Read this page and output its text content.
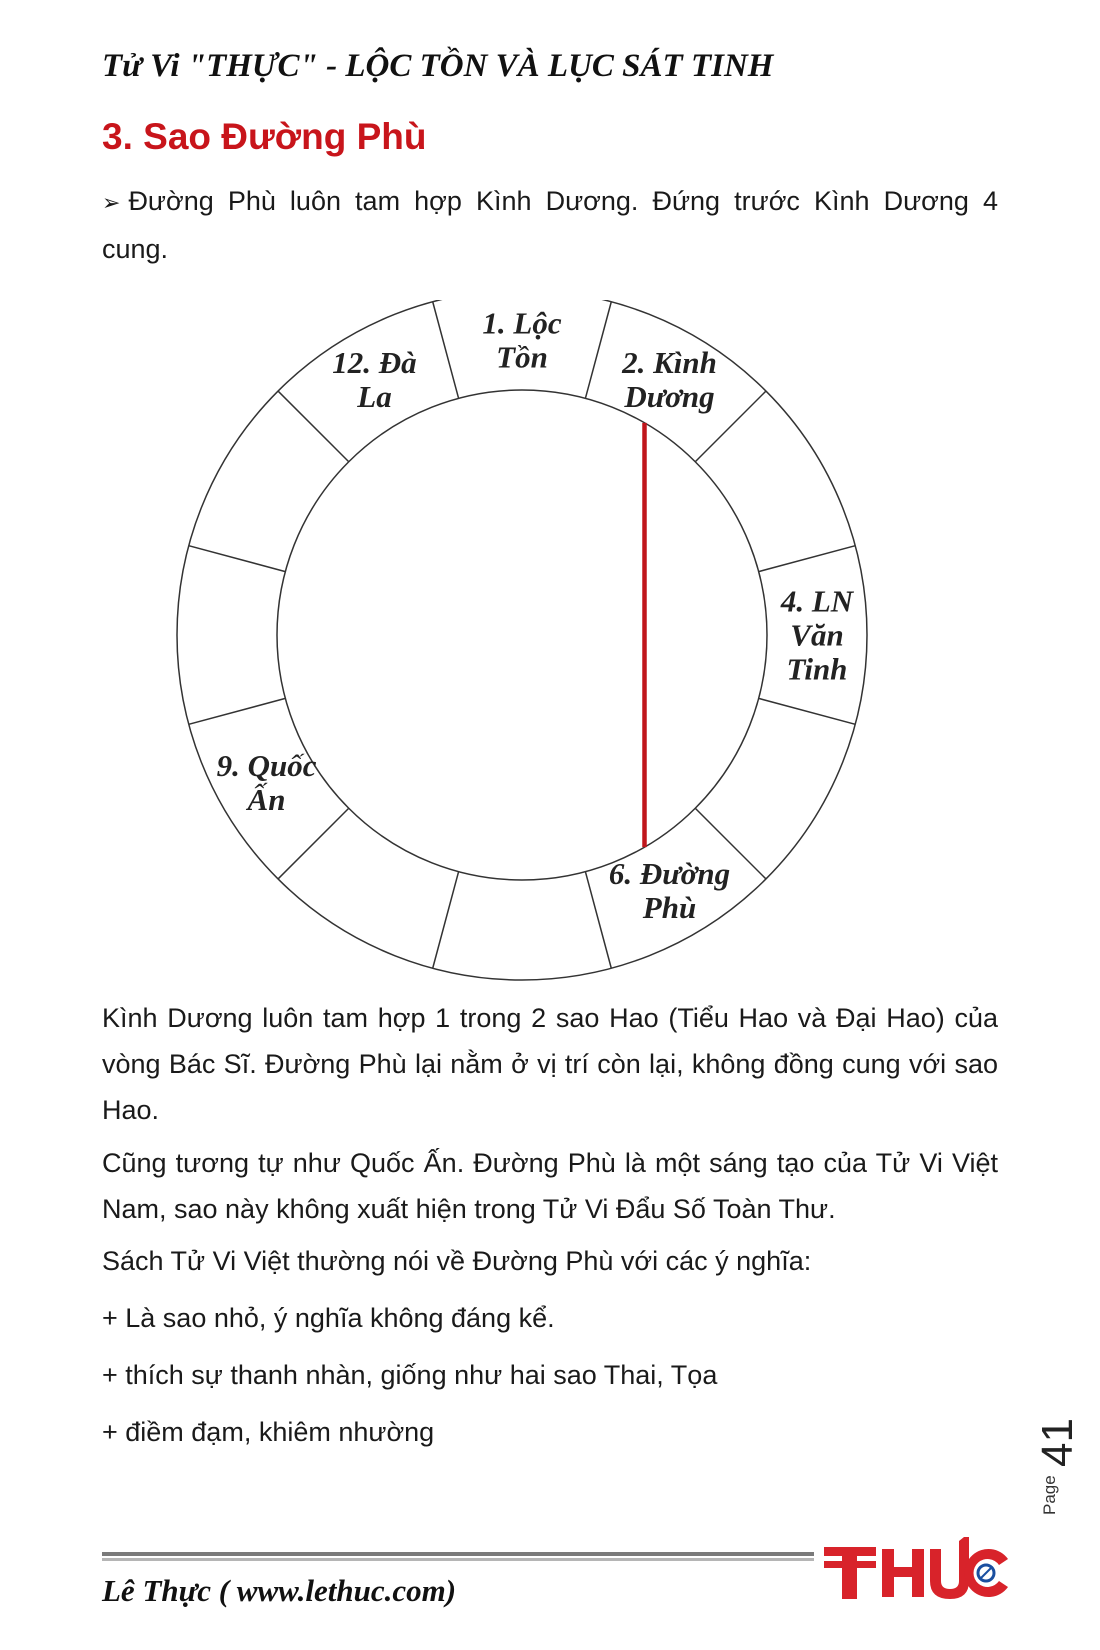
Tử Vi "THỰC" - LỘC TỒN VÀ LỤC SÁT TINH
3. Sao Đường Phù

➢ Đường Phù luôn tam hợp Kình Dương. Đứng trước Kình Dương 4 cung.

1. Lộc
Tồn 2. Kình
Dương
4. LN
Văn
Tinh
6. Đường
Phù
9. Quốc
Ấn
12. Đà
La

Kình Dương luôn tam hợp 1 trong 2 sao Hao (Tiểu Hao và Đại Hao) của vòng Bác Sĩ. Đường Phù lại nằm ở vị trí còn lại, không đồng cung với sao Hao.

Cũng tương tự như Quốc Ấn. Đường Phù là một sáng tạo của Tử Vi Việt Nam, sao này không xuất hiện trong Tử Vi Đẩu Số Toàn Thư.

Sách Tử Vi Việt thường nói về Đường Phù với các ý nghĩa:

+ Là sao nhỏ, ý nghĩa không đáng kể.

+ thích sự thanh nhàn, giống như hai sao Thai, Tọa

+ điềm đạm, khiêm nhường

Page
41
Lê Thực ( www.lethuc.com)
